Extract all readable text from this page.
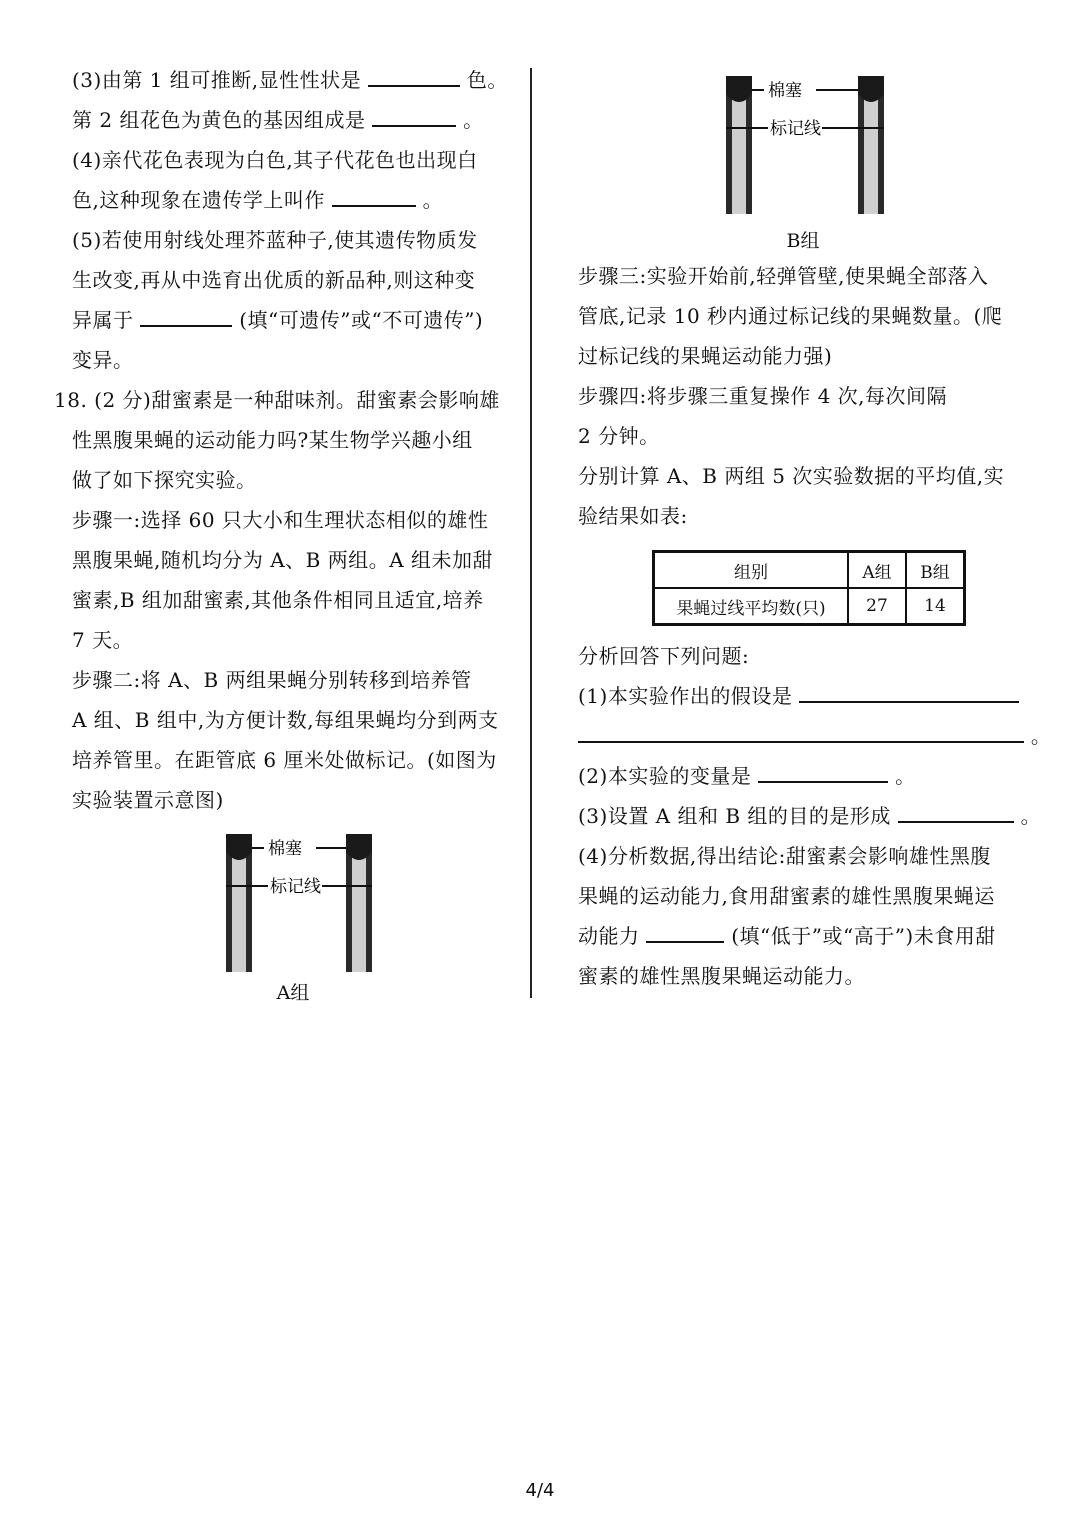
(3)由第 1 组可推断,显性性状是	色。
第 2 组花色为黄色的基因组成是	。
(4)亲代花色表现为白色,其子代花色也出现白
色,这种现象在遗传学上叫作	。
(5)若使用射线处理芥蓝种子,使其遗传物质发
生改变,再从中选育出优质的新品种,则这种变
异属于	(填“可遗传”或“不可遗传”)
变异。
18. (2 分)甜蜜素是一种甜味剂。甜蜜素会影响雄
性黑腹果蝇的运动能力吗?某生物学兴趣小组
做了如下探究实验。
步骤一:选择 60 只大小和生理状态相似的雄性
黑腹果蝇,随机均分为 A、B 两组。A 组未加甜
蜜素,B 组加甜蜜素,其他条件相同且适宜,培养
7 天。
步骤二:将 A、B 两组果蝇分别转移到培养管
A 组、B 组中,为方便计数,每组果蝇均分到两支
培养管里。在距管底 6 厘米处做标记。(如图为
实验装置示意图)
棉塞
标记线
A组
棉塞
标记线
B组
步骤三:实验开始前,轻弹管壁,使果蝇全部落入
管底,记录 10 秒内通过标记线的果蝇数量。(爬
过标记线的果蝇运动能力强)
步骤四:将步骤三重复操作 4 次,每次间隔
2 分钟。
分别计算 A、B 两组 5 次实验数据的平均值,实
验结果如表:
组别	A组	B组
果蝇过线平均数(只)	27	14
分析回答下列问题:
(1)本实验作出的假设是
。
(2)本实验的变量是	。
(3)设置 A 组和 B 组的目的是形成	。
(4)分析数据,得出结论:甜蜜素会影响雄性黑腹
果蝇的运动能力,食用甜蜜素的雄性黑腹果蝇运
动能力	(填“低于”或“高于”)未食用甜
蜜素的雄性黑腹果蝇运动能力。
4/4
